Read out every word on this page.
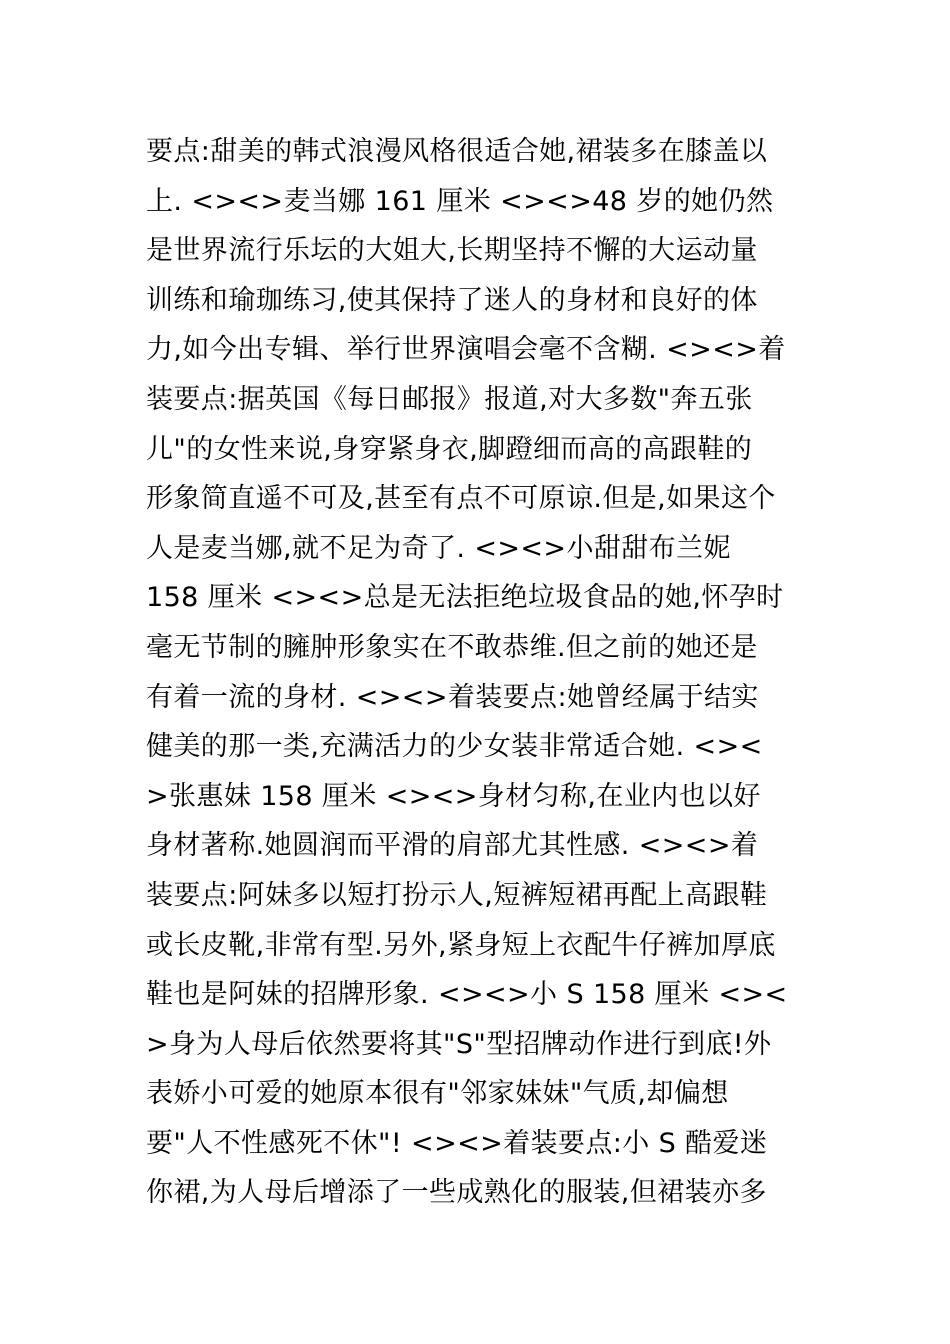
要点:甜美的韩式浪漫风格很适合她,裙装多在膝盖以
上. <><>麦当娜 161 厘米 <><>48 岁的她仍然
是世界流行乐坛的大姐大,长期坚持不懈的大运动量
训练和瑜珈练习,使其保持了迷人的身材和良好的体
力,如今出专辑、举行世界演唱会毫不含糊. <><>着
装要点:据英国《每日邮报》报道,对大多数"奔五张
儿"的女性来说,身穿紧身衣,脚蹬细而高的高跟鞋的
形象简直遥不可及,甚至有点不可原谅.但是,如果这个
人是麦当娜,就不足为奇了. <><>小甜甜布兰妮
158 厘米 <><>总是无法拒绝垃圾食品的她,怀孕时
毫无节制的臃肿形象实在不敢恭维.但之前的她还是
有着一流的身材. <><>着装要点:她曾经属于结实
健美的那一类,充满活力的少女装非常适合她. <><
>张惠妹 158 厘米 <><>身材匀称,在业内也以好
身材著称.她圆润而平滑的肩部尤其性感. <><>着
装要点:阿妹多以短打扮示人,短裤短裙再配上高跟鞋
或长皮靴,非常有型.另外,紧身短上衣配牛仔裤加厚底
鞋也是阿妹的招牌形象. <><>小 S 158 厘米 <><
>身为人母后依然要将其"S"型招牌动作进行到底!外
表娇小可爱的她原本很有"邻家妹妹"气质,却偏想
要"人不性感死不休"! <><>着装要点:小 S 酷爱迷
你裙,为人母后增添了一些成熟化的服装,但裙装亦多
